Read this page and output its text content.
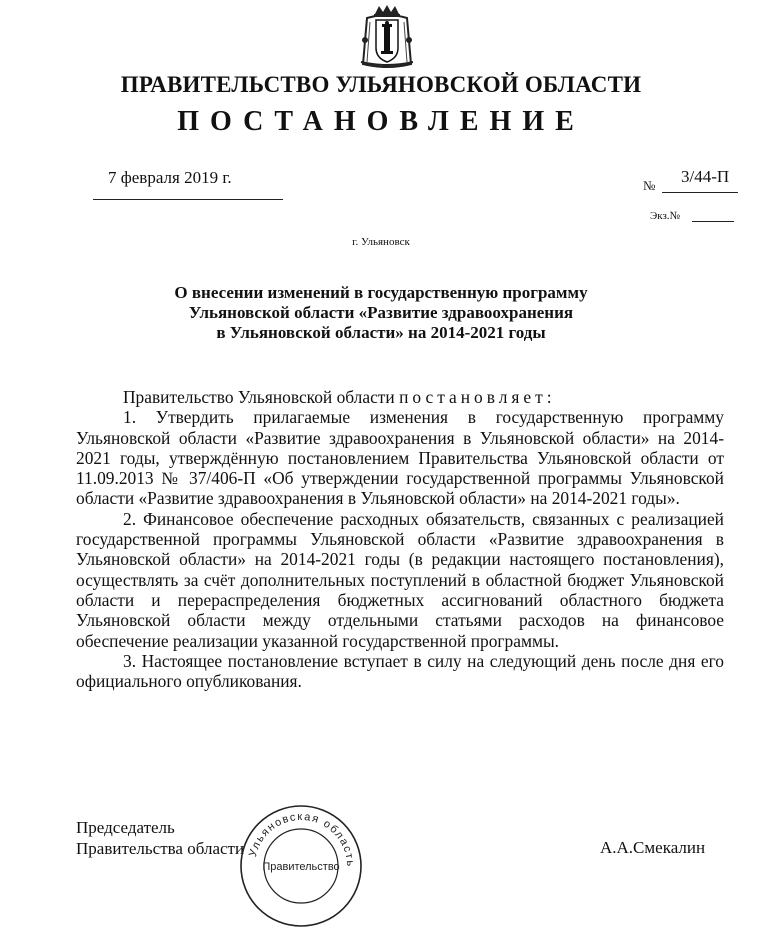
ПРАВИТЕЛЬСТВО УЛЬЯНОВСКОЙ ОБЛАСТИ
ПОСТАНОВЛЕНИЕ
7 февраля 2019 г.	№ 3/44-П
Экз.№
г. Ульяновск
О внесении изменений в государственную программу
Ульяновской области «Развитие здравоохранения
в Ульяновской области» на 2014-2021 годы

Правительство Ульяновской области постановляет:

1. Утвердить прилагаемые изменения в государственную программу Ульяновской области «Развитие здравоохранения в Ульяновской области» на 2014-2021 годы, утверждённую постановлением Правительства Ульяновской области от 11.09.2013 № 37/406-П «Об утверждении государственной программы Ульяновской области «Развитие здравоохранения в Ульяновской области» на 2014-2021 годы».

2. Финансовое обеспечение расходных обязательств, связанных с реализацией государственной программы Ульяновской области «Развитие здравоохранения в Ульяновской области» на 2014-2021 годы (в редакции настоящего постановления), осуществлять за счёт дополнительных поступлений в областной бюджет Ульяновской области и перераспределения бюджетных ассигнований областного бюджета Ульяновской области между отдельными статьями расходов на финансовое обеспечение реализации указанной государственной программы.

3. Настоящее постановление вступает в силу на следующий день после дня его официального опубликования.

Председатель
Правительства области Ульяновская область
Правительство
А.А.Смекалин
